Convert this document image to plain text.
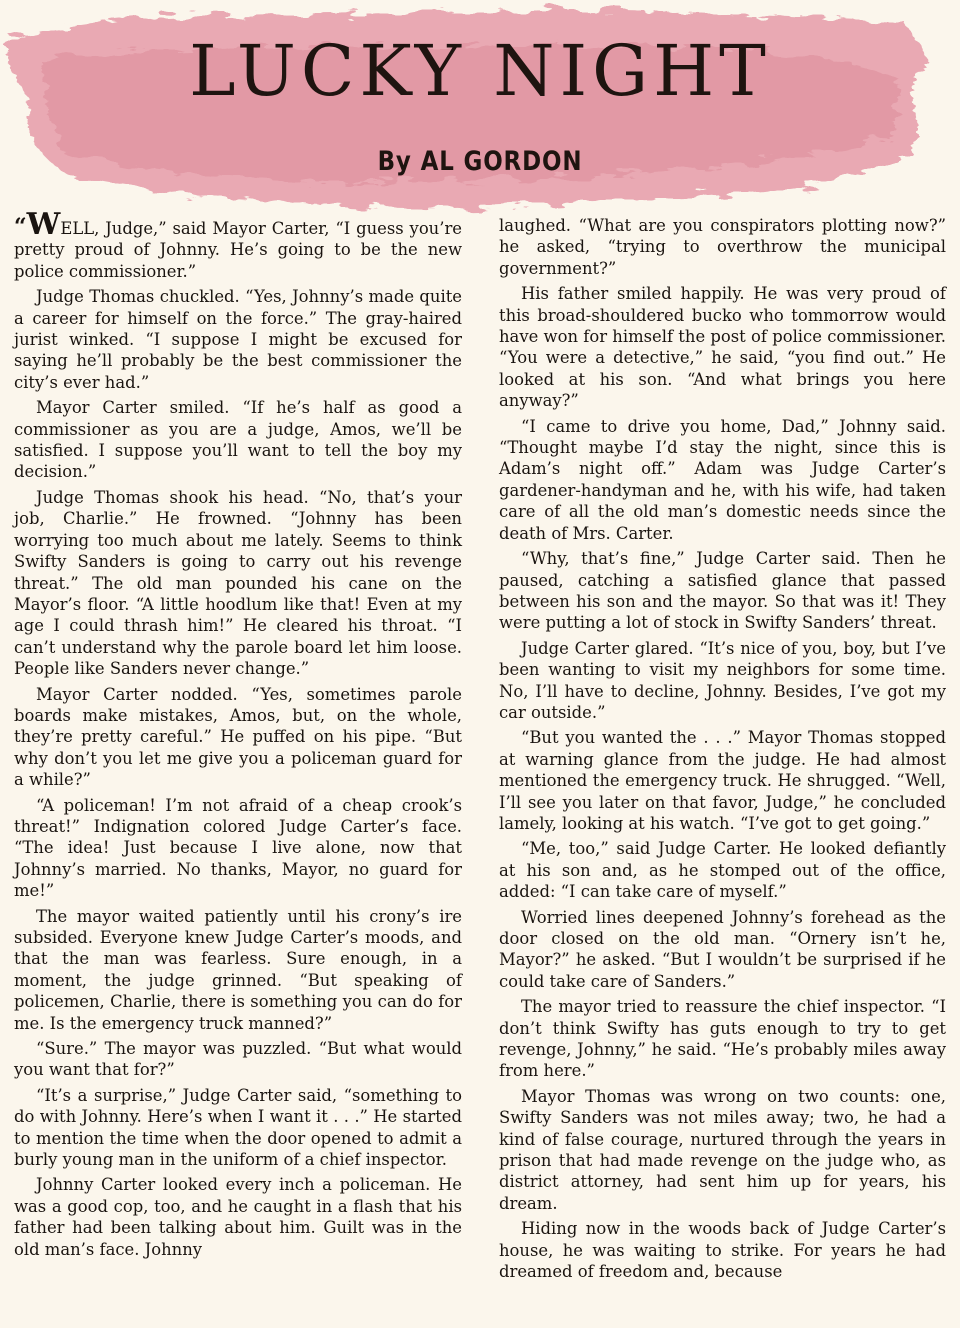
LUCKY NIGHT
By AL GORDON

“WELL, Judge,” said Mayor Carter, “I guess you’re pretty proud of Johnny. He’s going to be the new police commissioner.”

Judge Thomas chuckled. “Yes, Johnny’s made quite a career for himself on the force.” The gray-haired jurist winked. “I suppose I might be excused for saying he’ll probably be the best commissioner the city’s ever had.”

Mayor Carter smiled. “If he’s half as good a commissioner as you are a judge, Amos, we’ll be satisfied. I suppose you’ll want to tell the boy my decision.”

Judge Thomas shook his head. “No, that’s your job, Charlie.” He frowned. “Johnny has been worrying too much about me lately. Seems to think Swifty Sanders is going to carry out his revenge threat.” The old man pounded his cane on the Mayor’s floor. “A little hoodlum like that! Even at my age I could thrash him!” He cleared his throat. “I can’t understand why the parole board let him loose. People like Sanders never change.”

Mayor Carter nodded. “Yes, sometimes parole boards make mistakes, Amos, but, on the whole, they’re pretty careful.” He puffed on his pipe. “But why don’t you let me give you a policeman guard for a while?”

“A policeman! I’m not afraid of a cheap crook’s threat!” Indignation colored Judge Carter’s face. “The idea! Just because I live alone, now that Johnny’s married. No thanks, Mayor, no guard for me!”

The mayor waited patiently until his crony’s ire subsided. Everyone knew Judge Carter’s moods, and that the man was fearless. Sure enough, in a moment, the judge grinned. “But speaking of policemen, Charlie, there is something you can do for me. Is the emergency truck manned?”

“Sure.” The mayor was puzzled. “But what would you want that for?”

“It’s a surprise,” Judge Carter said, “something to do with Johnny. Here’s when I want it . . .” He started to mention the time when the door opened to admit a burly young man in the uniform of a chief inspector.

Johnny Carter looked every inch a policeman. He was a good cop, too, and he caught in a flash that his father had been talking about him. Guilt was in the old man’s face. Johnny

laughed. “What are you conspirators plotting now?” he asked, “trying to overthrow the municipal government?”

His father smiled happily. He was very proud of this broad-shouldered bucko who tommorrow would have won for himself the post of police commissioner. “You were a detective,” he said, “you find out.” He looked at his son. “And what brings you here anyway?”

“I came to drive you home, Dad,” Johnny said. “Thought maybe I’d stay the night, since this is Adam’s night off.” Adam was Judge Carter’s gardener-handyman and he, with his wife, had taken care of all the old man’s domestic needs since the death of Mrs. Carter.

“Why, that’s fine,” Judge Carter said. Then he paused, catching a satisfied glance that passed between his son and the mayor. So that was it! They were putting a lot of stock in Swifty Sanders’ threat.

Judge Carter glared. “It’s nice of you, boy, but I’ve been wanting to visit my neighbors for some time. No, I’ll have to decline, Johnny. Besides, I’ve got my car outside.”

“But you wanted the . . .” Mayor Thomas stopped at warning glance from the judge. He had almost mentioned the emergency truck. He shrugged. “Well, I’ll see you later on that favor, Judge,” he concluded lamely, looking at his watch. “I’ve got to get going.”

“Me, too,” said Judge Carter. He looked defiantly at his son and, as he stomped out of the office, added: “I can take care of myself.”

Worried lines deepened Johnny’s forehead as the door closed on the old man. “Ornery isn’t he, Mayor?” he asked. “But I wouldn’t be surprised if he could take care of Sanders.”

The mayor tried to reassure the chief inspector. “I don’t think Swifty has guts enough to try to get revenge, Johnny,” he said. “He’s probably miles away from here.”

Mayor Thomas was wrong on two counts: one, Swifty Sanders was not miles away; two, he had a kind of false courage, nurtured through the years in prison that had made revenge on the judge who, as district attorney, had sent him up for years, his dream.

Hiding now in the woods back of Judge Carter’s house, he was waiting to strike. For years he had dreamed of freedom and, because
